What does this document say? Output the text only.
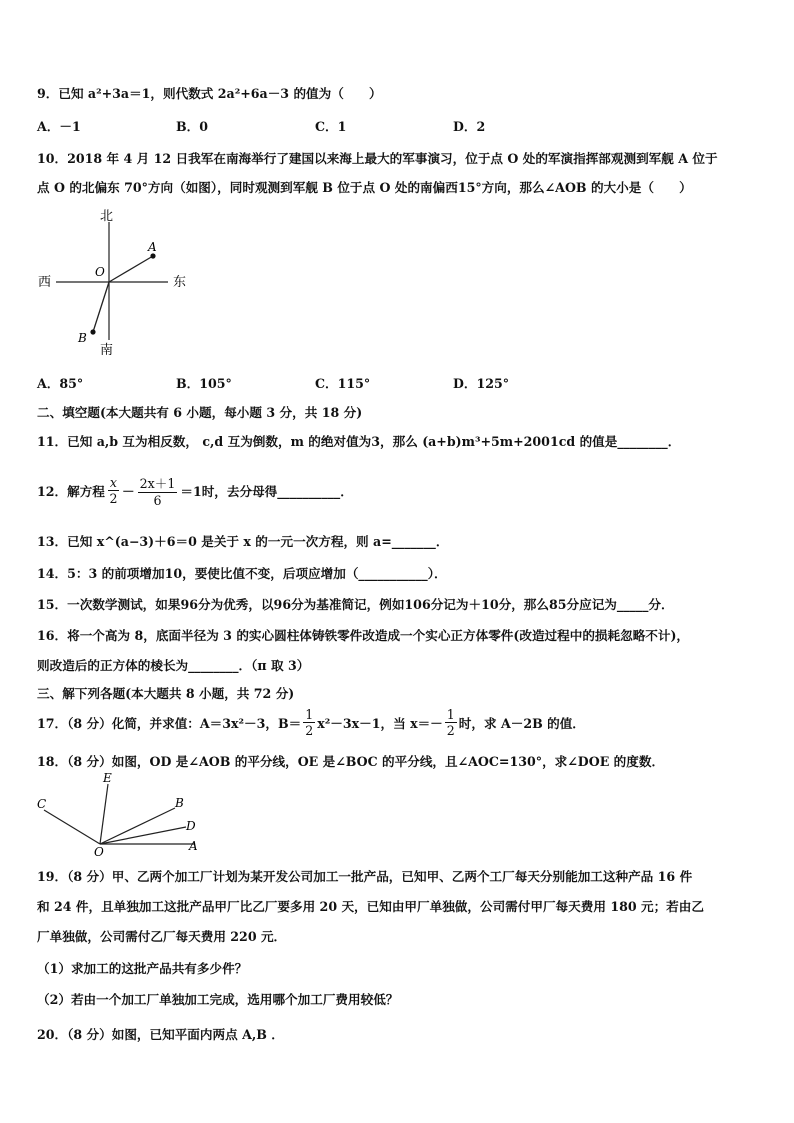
9．已知 a²+3a＝1，则代数式 2a²+6a－3 的值为（　　）
A．－1	B．0	C．1	D．2
10．2018 年 4 月 12 日我军在南海举行了建国以来海上最大的军事演习，位于点 O 处的军演指挥部观测到军舰 A 位于
点 O 的北偏东 70°方向（如图），同时观测到军舰 B 位于点 O 处的南偏西15°方向，那么∠AOB 的大小是（　　）
北
南
东
西
O
A
B
A．85°	B．105°	C．115°	D．125°
二、填空题(本大题共有 6 小题，每小题 3 分，共 18 分)
11．已知 a,b 互为相反数， c,d 互为倒数，m 的绝对值为3，那么 (a+b)m³+5m+2001cd 的值是________．
12．解方程 $\frac{x}{2} - \frac{2x+1}{6} =1$时，去分母得__________．
13．已知 x^(a−3)＋6＝0 是关于 x 的一元一次方程，则 a=_______．
14．5：3 的前项增加10，要使比值不变，后项应增加（___________）．
15．一次数学测试，如果96分为优秀，以96分为基准简记，例如106分记为＋10分，那么85分应记为_____分．
16．将一个高为 8，底面半径为 3 的实心圆柱体铸铁零件改造成一个实心正方体零件(改造过程中的损耗忽略不计)，
则改造后的正方体的棱长为________．（π 取 3）
三、解下列各题(本大题共 8 小题，共 72 分)
17．（8 分）化简，并求值：A＝3x²－3，$B= \frac{1}{2} x^2-3x-1$，当 $x=- \frac{1}{2}$ 时，求 A－2B 的值．
18．（8 分）如图，OD 是∠AOB 的平分线，OE 是∠BOC 的平分线，且∠AOC=130°，求∠DOE 的度数．
E
C	B
D
O	A
19．（8 分）甲、乙两个加工厂计划为某开发公司加工一批产品，已知甲、乙两个工厂每天分别能加工这种产品 16 件
和 24 件，且单独加工这批产品甲厂比乙厂要多用 20 天，已知由甲厂单独做，公司需付甲厂每天费用 180 元；若由乙
厂单独做，公司需付乙厂每天费用 220 元．
（1）求加工的这批产品共有多少件？
（2）若由一个加工厂单独加工完成，选用哪个加工厂费用较低？
20．（8 分）如图，已知平面内两点 A,B ．
